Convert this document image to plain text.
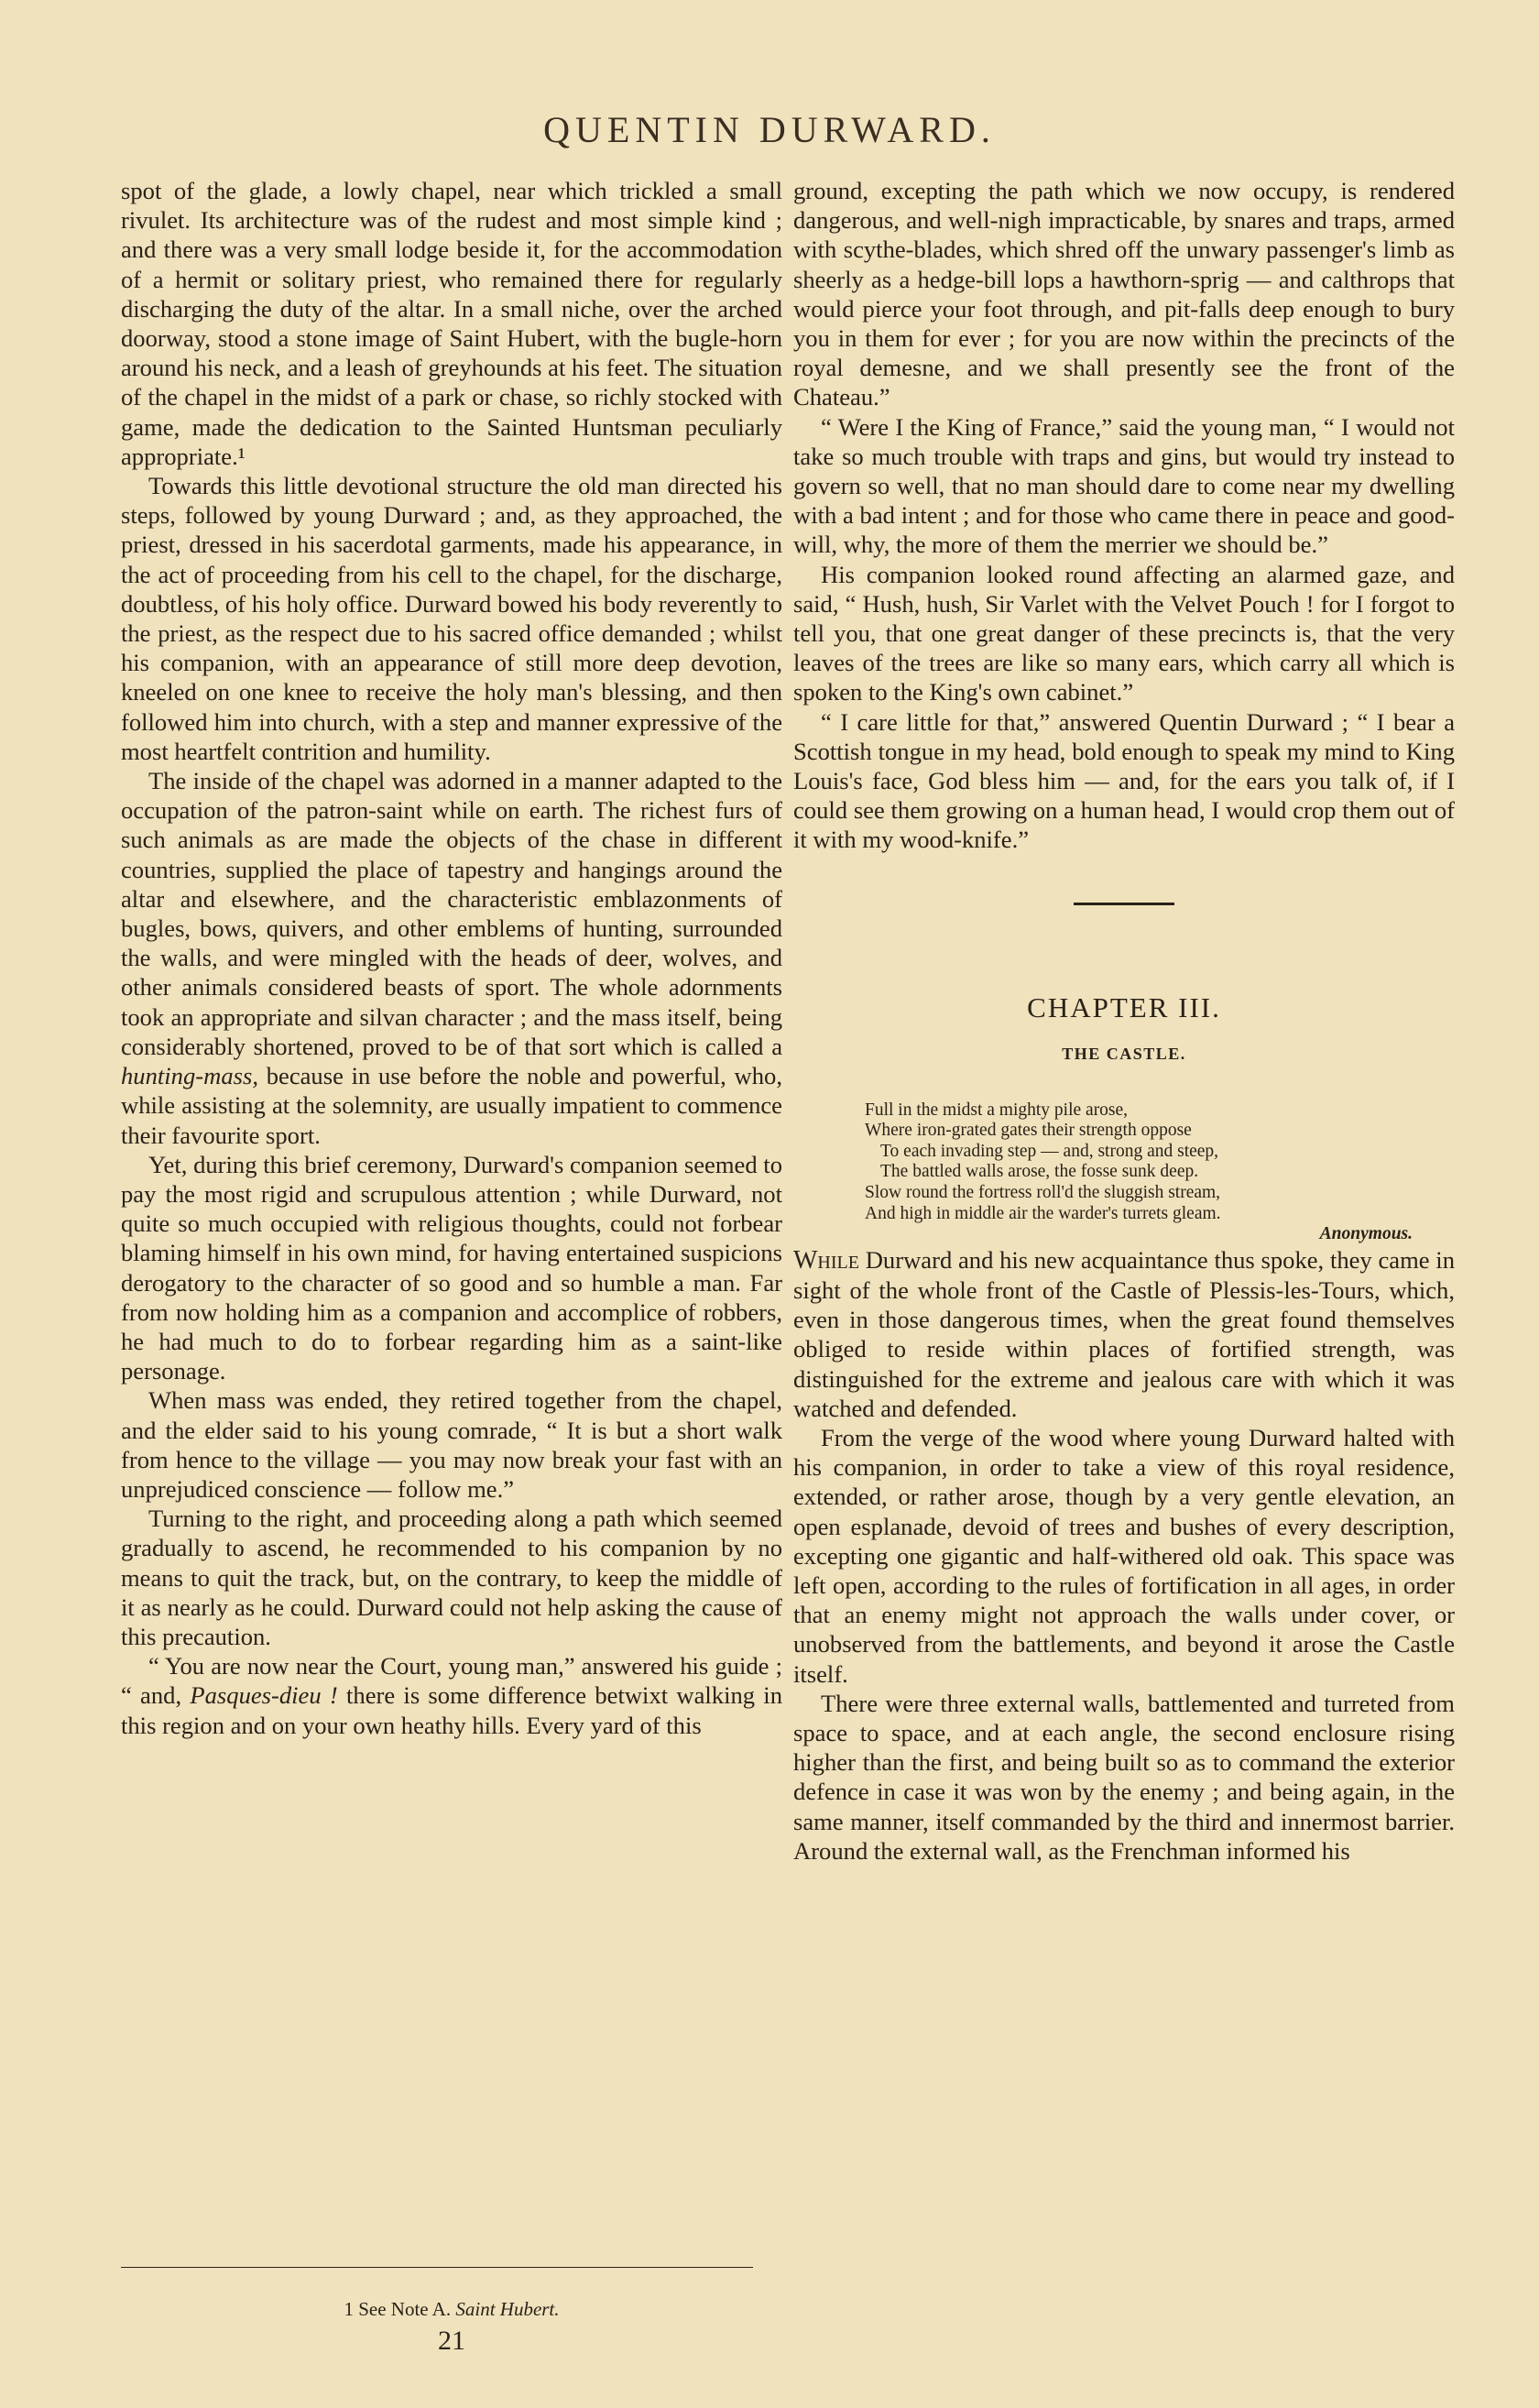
QUENTIN DURWARD.

spot of the glade, a lowly chapel, near which trickled a small rivulet. Its architecture was of the rudest and most simple kind ; and there was a very small lodge beside it, for the accommodation of a hermit or solitary priest, who remained there for regularly discharging the duty of the altar. In a small niche, over the arched doorway, stood a stone image of Saint Hubert, with the bugle-horn around his neck, and a leash of greyhounds at his feet. The situation of the chapel in the midst of a park or chase, so richly stocked with game, made the dedication to the Sainted Huntsman peculiarly appropriate.¹

Towards this little devotional structure the old man directed his steps, followed by young Durward ; and, as they approached, the priest, dressed in his sacerdotal garments, made his appearance, in the act of proceeding from his cell to the chapel, for the discharge, doubtless, of his holy office. Durward bowed his body reverently to the priest, as the respect due to his sacred office demanded ; whilst his companion, with an appearance of still more deep devotion, kneeled on one knee to receive the holy man's blessing, and then followed him into church, with a step and manner expressive of the most heartfelt contrition and humility.

The inside of the chapel was adorned in a manner adapted to the occupation of the patron-saint while on earth. The richest furs of such animals as are made the objects of the chase in different countries, supplied the place of tapestry and hangings around the altar and elsewhere, and the characteristic emblazonments of bugles, bows, quivers, and other emblems of hunting, surrounded the walls, and were mingled with the heads of deer, wolves, and other animals considered beasts of sport. The whole adornments took an appropriate and silvan character ; and the mass itself, being considerably shortened, proved to be of that sort which is called a hunting-mass, because in use before the noble and powerful, who, while assisting at the solemnity, are usually impatient to commence their favourite sport.

Yet, during this brief ceremony, Durward's companion seemed to pay the most rigid and scrupulous attention ; while Durward, not quite so much occupied with religious thoughts, could not forbear blaming himself in his own mind, for having entertained suspicions derogatory to the character of so good and so humble a man. Far from now holding him as a companion and accomplice of robbers, he had much to do to forbear regarding him as a saint-like personage.

When mass was ended, they retired together from the chapel, and the elder said to his young comrade, “ It is but a short walk from hence to the village — you may now break your fast with an unprejudiced conscience — follow me.”

Turning to the right, and proceeding along a path which seemed gradually to ascend, he recommended to his companion by no means to quit the track, but, on the contrary, to keep the middle of it as nearly as he could. Durward could not help asking the cause of this precaution.

“ You are now near the Court, young man,” answered his guide ; “ and, Pasques-dieu ! there is some difference betwixt walking in this region and on your own heathy hills. Every yard of this

ground, excepting the path which we now occupy, is rendered dangerous, and well-nigh impracticable, by snares and traps, armed with scythe-blades, which shred off the unwary passenger's limb as sheerly as a hedge-bill lops a hawthorn-sprig — and calthrops that would pierce your foot through, and pit-falls deep enough to bury you in them for ever ; for you are now within the precincts of the royal demesne, and we shall presently see the front of the Chateau.”

“ Were I the King of France,” said the young man, “ I would not take so much trouble with traps and gins, but would try instead to govern so well, that no man should dare to come near my dwelling with a bad intent ; and for those who came there in peace and good-will, why, the more of them the merrier we should be.”

His companion looked round affecting an alarmed gaze, and said, “ Hush, hush, Sir Varlet with the Velvet Pouch ! for I forgot to tell you, that one great danger of these precincts is, that the very leaves of the trees are like so many ears, which carry all which is spoken to the King's own cabinet.”

“ I care little for that,” answered Quentin Durward ; “ I bear a Scottish tongue in my head, bold enough to speak my mind to King Louis's face, God bless him — and, for the ears you talk of, if I could see them growing on a human head, I would crop them out of it with my wood-knife.”

CHAPTER III.
THE CASTLE.
Full in the midst a mighty pile arose,
Where iron-grated gates their strength oppose
To each invading step — and, strong and steep,
The battled walls arose, the fosse sunk deep.
Slow round the fortress roll'd the sluggish stream,
And high in middle air the warder's turrets gleam.
Anonymous.

While Durward and his new acquaintance thus spoke, they came in sight of the whole front of the Castle of Plessis-les-Tours, which, even in those dangerous times, when the great found themselves obliged to reside within places of fortified strength, was distinguished for the extreme and jealous care with which it was watched and defended.

From the verge of the wood where young Durward halted with his companion, in order to take a view of this royal residence, extended, or rather arose, though by a very gentle elevation, an open esplanade, devoid of trees and bushes of every description, excepting one gigantic and half-withered old oak. This space was left open, according to the rules of fortification in all ages, in order that an enemy might not approach the walls under cover, or unobserved from the battlements, and beyond it arose the Castle itself.

There were three external walls, battlemented and turreted from space to space, and at each angle, the second enclosure rising higher than the first, and being built so as to command the exterior defence in case it was won by the enemy ; and being again, in the same manner, itself commanded by the third and innermost barrier. Around the external wall, as the Frenchman informed his

1 See Note A. Saint Hubert.
21
